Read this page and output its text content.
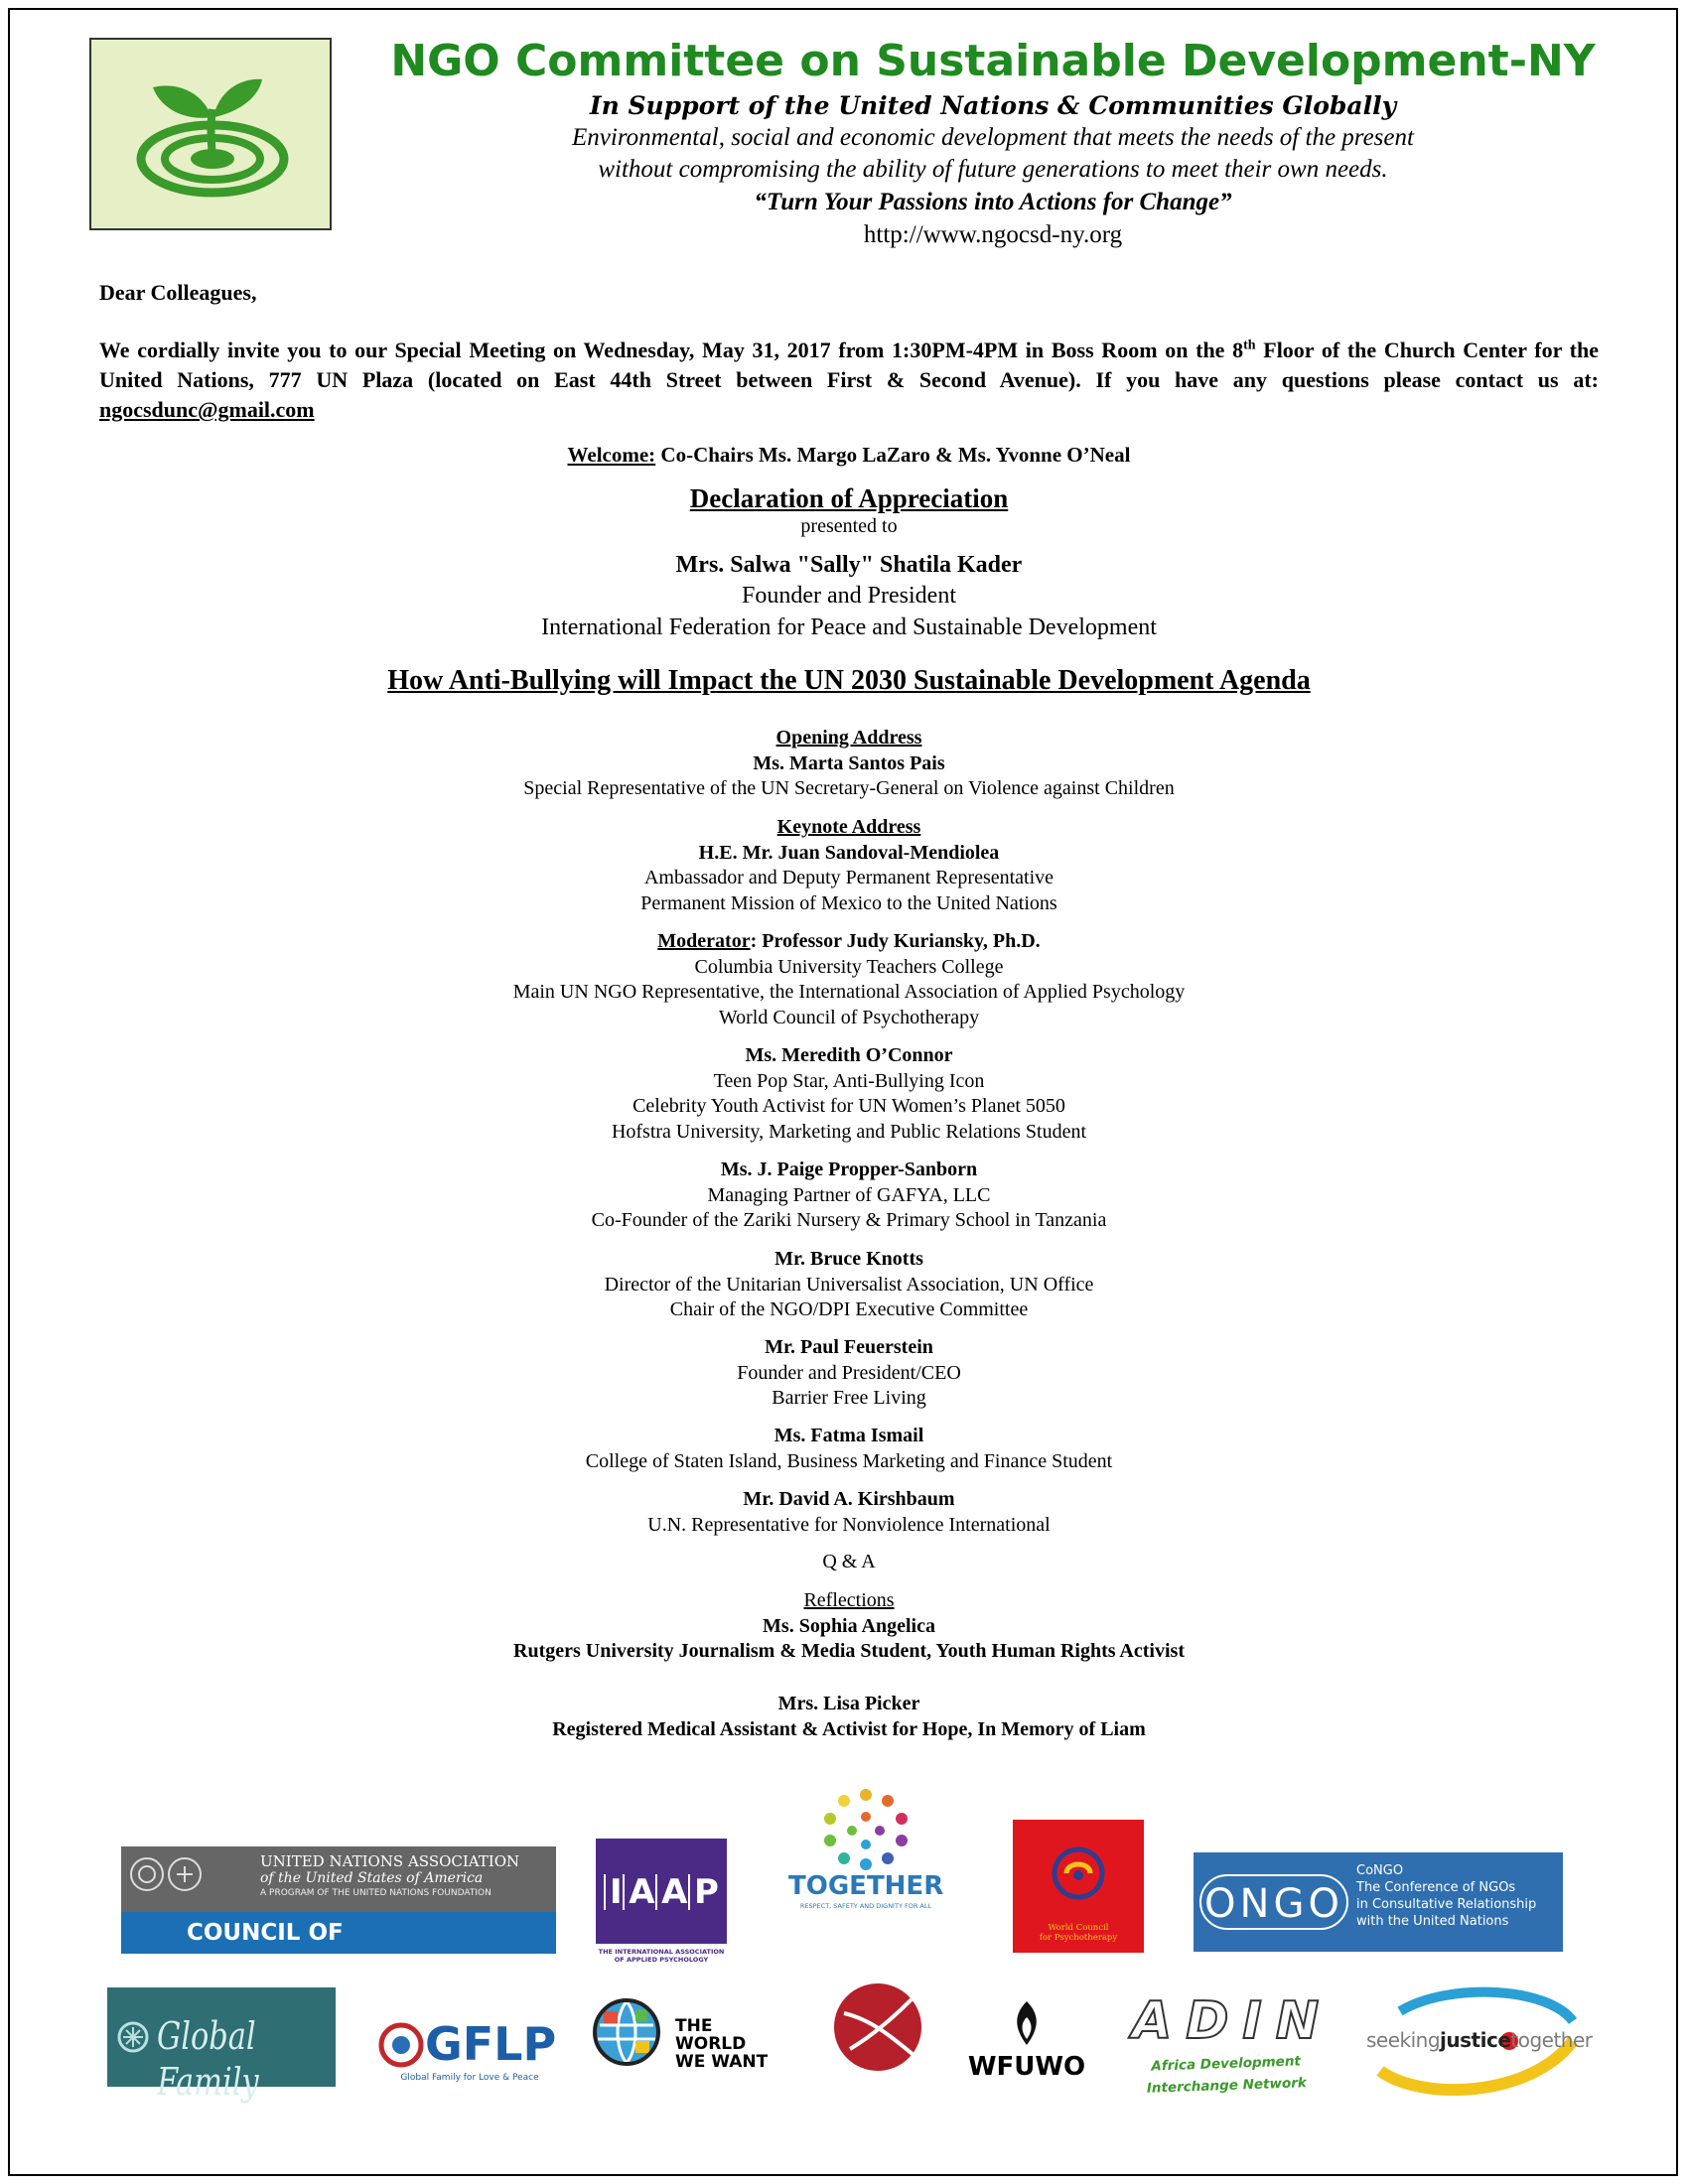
NGO Committee on Sustainable Development-NY
In Support of the United Nations & Communities Globally
Environmental, social and economic development that meets the needs of the present
without compromising the ability of future generations to meet their own needs.
“Turn Your Passions into Actions for Change”
http://www.ngocsd-ny.org
Dear Colleagues,
We cordially invite you to our Special Meeting on Wednesday, May 31, 2017 from 1:30PM-4PM in Boss Room on the 8th Floor of the Church Center for the United Nations, 777 UN Plaza (located on East 44th Street between First & Second Avenue). If you have any questions please contact us at: ngocsdunc@gmail.com
Welcome: Co-Chairs Ms. Margo LaZaro & Ms. Yvonne O’Neal
Declaration of Appreciation
presented to
Mrs. Salwa "Sally" Shatila Kader
Founder and President
International Federation for Peace and Sustainable Development
How Anti-Bullying will Impact the UN 2030 Sustainable Development Agenda
Opening Address
Ms. Marta Santos Pais
Special Representative of the UN Secretary-General on Violence against Children
Keynote Address
H.E. Mr. Juan Sandoval-Mendiolea
Ambassador and Deputy Permanent Representative
Permanent Mission of Mexico to the United Nations
Moderator: Professor Judy Kuriansky, Ph.D.
Columbia University Teachers College
Main UN NGO Representative, the International Association of Applied Psychology
World Council of Psychotherapy
Ms. Meredith O’Connor
Teen Pop Star, Anti-Bullying Icon
Celebrity Youth Activist for UN Women’s Planet 5050
Hofstra University, Marketing and Public Relations Student
Ms. J. Paige Propper-Sanborn
Managing Partner of GAFYA, LLC
Co-Founder of the Zariki Nursery & Primary School in Tanzania
Mr. Bruce Knotts
Director of the Unitarian Universalist Association, UN Office
Chair of the NGO/DPI Executive Committee
Mr. Paul Feuerstein
Founder and President/CEO
Barrier Free Living
Ms. Fatma Ismail
College of Staten Island, Business Marketing and Finance Student
Mr. David A. Kirshbaum
U.N. Representative for Nonviolence International
Q & A
Reflections
Ms. Sophia Angelica
Rutgers University Journalism & Media Student, Youth Human Rights Activist
Mrs. Lisa Picker
Registered Medical Assistant & Activist for Hope, In Memory of Liam
UNITED NATIONS ASSOCIATION
of the United States of America
A PROGRAM OF THE UNITED NATIONS FOUNDATION
COUNCIL OF ORGANIZATIONS
I A A P
THE INTERNATIONAL ASSOCIATION
OF APPLIED PSYCHOLOGY
TOGETHER
RESPECT, SAFETY AND DIGNITY FOR ALL
World Council
for Psychotherapy
ONGO
CoNGO
The Conference of NGOs
in Consultative Relationship
with the United Nations
Global Family
GFLP
Global Family for Love & Peace
THE
WORLD
WE WANT	WFUWO
ADIN
Africa Development Interchange Network
seekingjusticetogether
